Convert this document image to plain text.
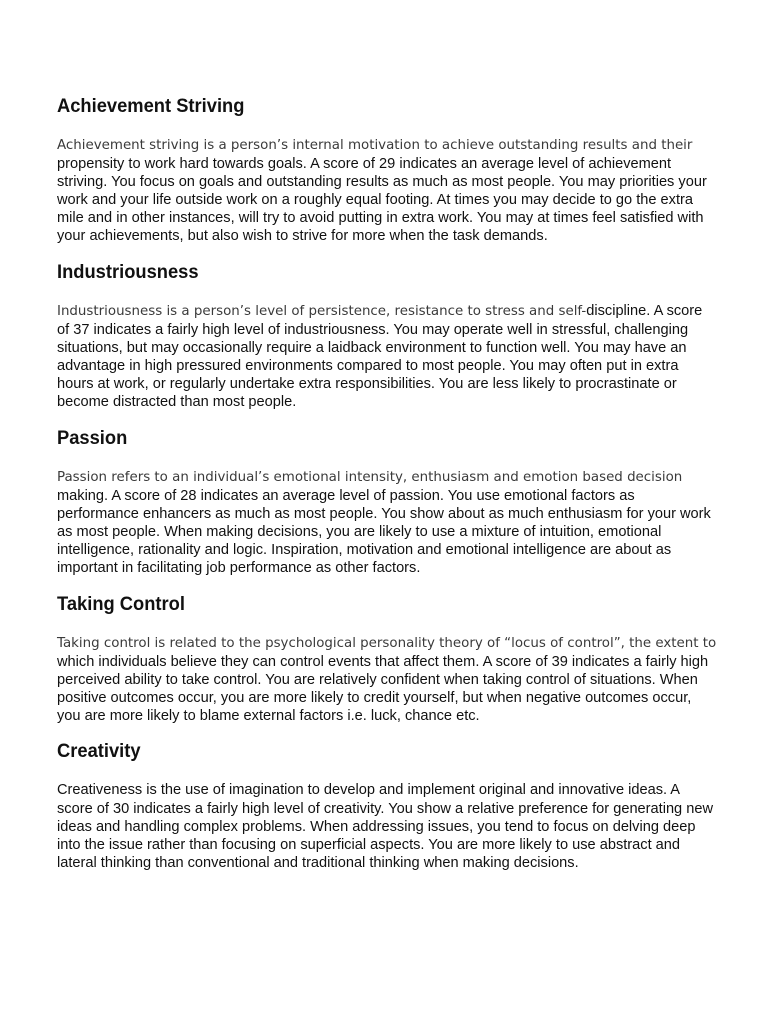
Achievement Striving

Achievement striving is a person’s internal motivation to achieve outstanding results and their propensity to work hard towards goals. A score of 29 indicates an average level of achievement striving. You focus on goals and outstanding results as much as most people. You may priorities your work and your life outside work on a roughly equal footing. At times you may decide to go the extra mile and in other instances, will try to avoid putting in extra work. You may at times feel satisfied with your achievements, but also wish to strive for more when the task demands.

Industriousness

Industriousness is a person’s level of persistence, resistance to stress and self-discipline. A score of 37 indicates a fairly high level of industriousness. You may operate well in stressful, challenging situations, but may occasionally require a laidback environment to function well. You may have an advantage in high pressured environments compared to most people. You may often put in extra hours at work, or regularly undertake extra responsibilities. You are less likely to procrastinate or become distracted than most people.

Passion

Passion refers to an individual’s emotional intensity, enthusiasm and emotion based decision making. A score of 28 indicates an average level of passion. You use emotional factors as performance enhancers as much as most people. You show about as much enthusiasm for your work as most people. When making decisions, you are likely to use a mixture of intuition, emotional intelligence, rationality and logic. Inspiration, motivation and emotional intelligence are about as important in facilitating job performance as other factors.

Taking Control

Taking control is related to the psychological personality theory of “locus of control”, the extent to which individuals believe they can control events that affect them. A score of 39 indicates a fairly high perceived ability to take control. You are relatively confident when taking control of situations. When positive outcomes occur, you are more likely to credit yourself, but when negative outcomes occur, you are more likely to blame external factors i.e. luck, chance etc.

Creativity

Creativeness is the use of imagination to develop and implement original and innovative ideas. A score of 30 indicates a fairly high level of creativity. You show a relative preference for generating new ideas and handling complex problems. When addressing issues, you tend to focus on delving deep into the issue rather than focusing on superficial aspects. You are more likely to use abstract and lateral thinking than conventional and traditional thinking when making decisions.
